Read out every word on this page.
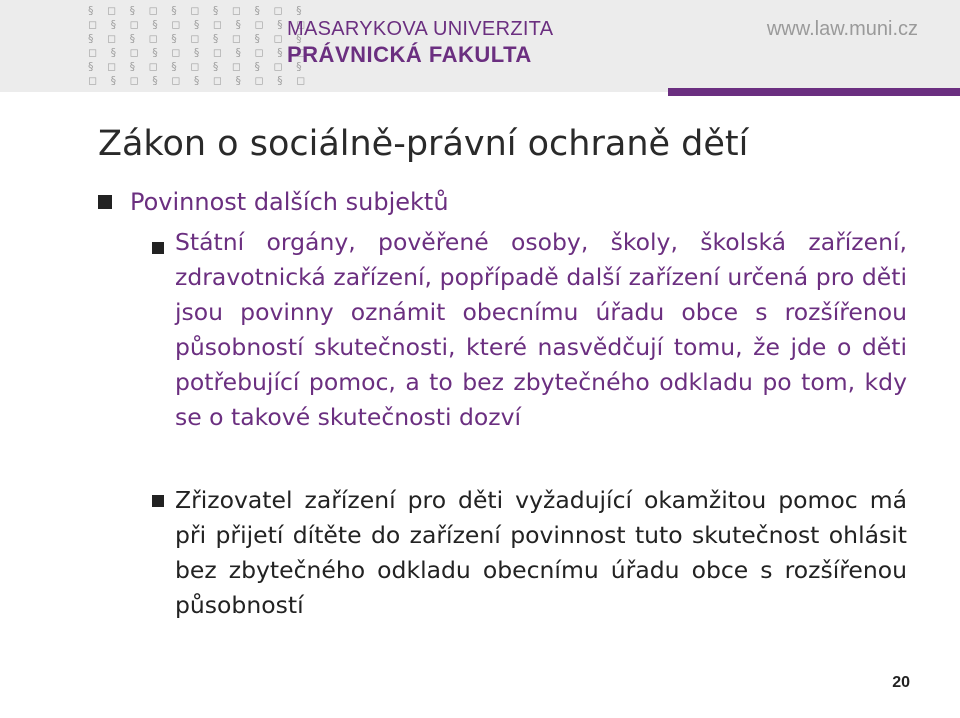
§ ◻ § ◻ § ◻ § ◻ § ◻ §
◻ § ◻ § ◻ § ◻ § ◻ § ◻
§ ◻ § ◻ § ◻ § ◻ § ◻ §
◻ § ◻ § ◻ § ◻ § ◻ § ◻
§ ◻ § ◻ § ◻ § ◻ § ◻ §
◻ § ◻ § ◻ § ◻ § ◻ § ◻
MASARYKOVA UNIVERZITA
PRÁVNICKÁ FAKULTA
www.law.muni.cz
Zákon o sociálně-právní ochraně dětí
Povinnost dalších subjektů
Státní orgány, pověřené osoby, školy, školská zařízení, zdravotnická zařízení, popřípadě další zařízení určená pro děti jsou povinny oznámit obecnímu úřadu obce s rozšířenou působností skutečnosti, které nasvědčují tomu, že jde o děti potřebující pomoc, a to bez zbytečného odkladu po tom, kdy se o takové skutečnosti dozví
Zřizovatel zařízení pro děti vyžadující okamžitou pomoc má při přijetí dítěte do zařízení povinnost tuto skutečnost ohlásit bez zbytečného odkladu obecnímu úřadu obce s rozšířenou působností
20
